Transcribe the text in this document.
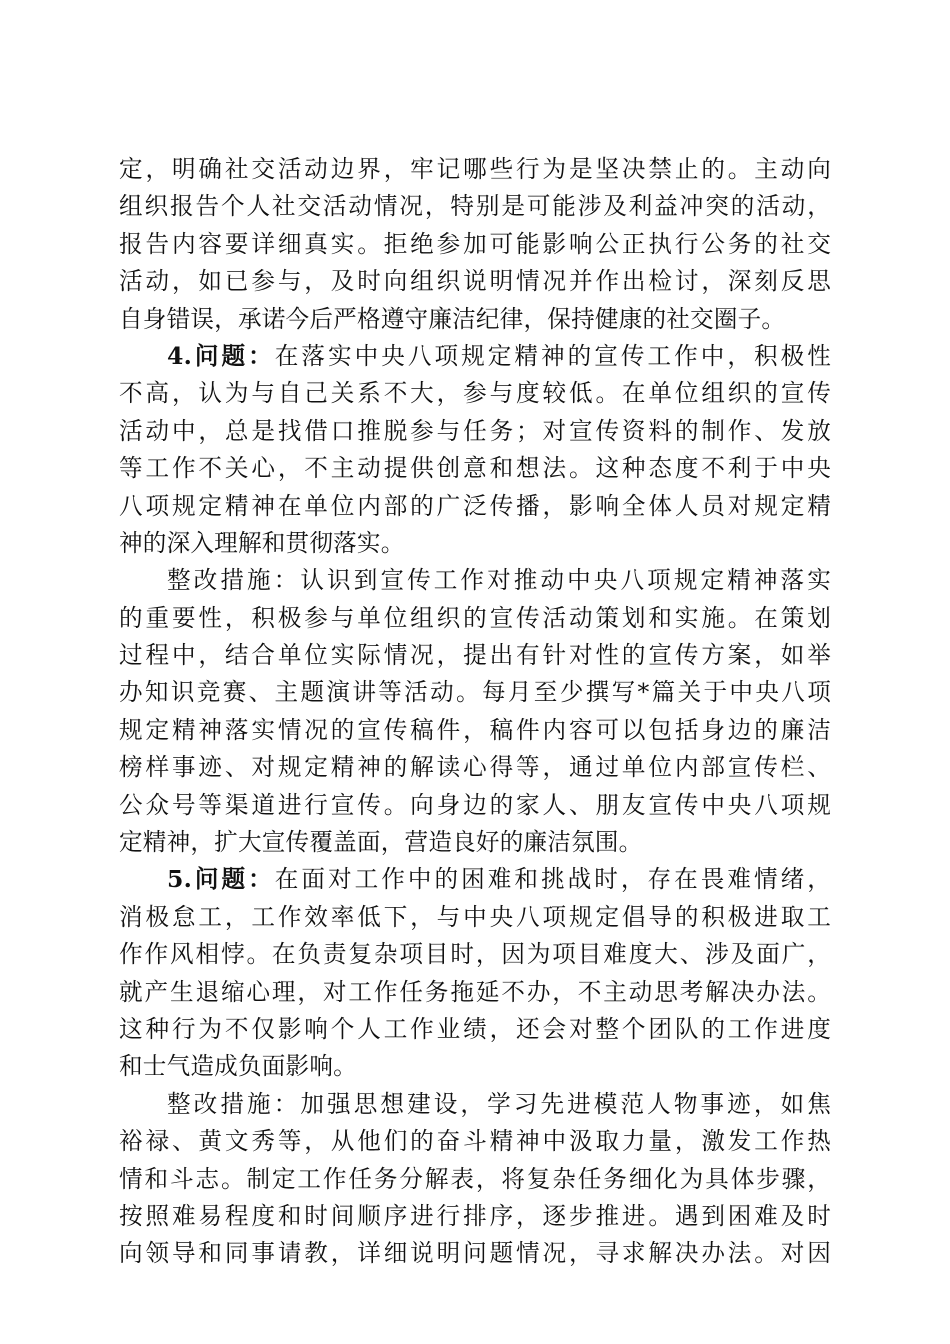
定，明确社交活动边界，牢记哪些行为是坚决禁止的。主动向
组织报告个人社交活动情况，特别是可能涉及利益冲突的活动，
报告内容要详细真实。拒绝参加可能影响公正执行公务的社交
活动，如已参与，及时向组织说明情况并作出检讨，深刻反思
自身错误，承诺今后严格遵守廉洁纪律，保持健康的社交圈子。
4.问题：在落实中央八项规定精神的宣传工作中，积极性
不高，认为与自己关系不大，参与度较低。在单位组织的宣传
活动中，总是找借口推脱参与任务；对宣传资料的制作、发放
等工作不关心，不主动提供创意和想法。这种态度不利于中央
八项规定精神在单位内部的广泛传播，影响全体人员对规定精
神的深入理解和贯彻落实。
整改措施：认识到宣传工作对推动中央八项规定精神落实
的重要性，积极参与单位组织的宣传活动策划和实施。在策划
过程中，结合单位实际情况，提出有针对性的宣传方案，如举
办知识竞赛、主题演讲等活动。每月至少撰写*篇关于中央八项
规定精神落实情况的宣传稿件，稿件内容可以包括身边的廉洁
榜样事迹、对规定精神的解读心得等，通过单位内部宣传栏、
公众号等渠道进行宣传。向身边的家人、朋友宣传中央八项规
定精神，扩大宣传覆盖面，营造良好的廉洁氛围。
5.问题：在面对工作中的困难和挑战时，存在畏难情绪，
消极怠工，工作效率低下，与中央八项规定倡导的积极进取工
作作风相悖。在负责复杂项目时，因为项目难度大、涉及面广，
就产生退缩心理，对工作任务拖延不办，不主动思考解决办法。
这种行为不仅影响个人工作业绩，还会对整个团队的工作进度
和士气造成负面影响。
整改措施：加强思想建设，学习先进模范人物事迹，如焦
裕禄、黄文秀等，从他们的奋斗精神中汲取力量，激发工作热
情和斗志。制定工作任务分解表，将复杂任务细化为具体步骤，
按照难易程度和时间顺序进行排序，逐步推进。遇到困难及时
向领导和同事请教，详细说明问题情况，寻求解决办法。对因
